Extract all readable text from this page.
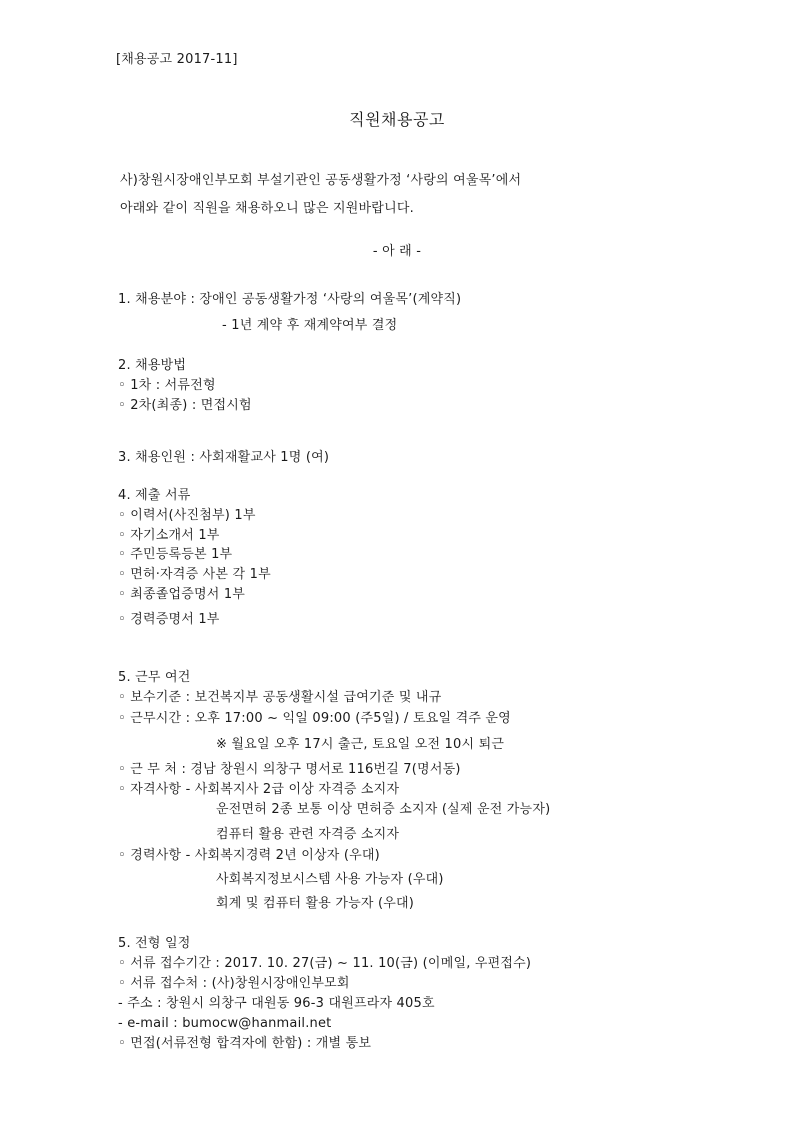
[채용공고 2017-11]
직원채용공고
사)창원시장애인부모회 부설기관인 공동생활가정 ‘사랑의 여울목’에서
아래와 같이 직원을 채용하오니 많은 지원바랍니다.
- 아 래 -
1. 채용분야 : 장애인 공동생활가정 ‘사랑의 여울목’(계약직)
- 1년 계약 후 재계약여부 결정
2. 채용방법
◦ 1차 : 서류전형
◦ 2차(최종) : 면접시험
3. 채용인원 : 사회재활교사 1명 (여)
4. 제출 서류
◦ 이력서(사진첨부) 1부
◦ 자기소개서 1부
◦ 주민등록등본 1부
◦ 면허·자격증 사본 각 1부
◦ 최종졸업증명서 1부
◦ 경력증명서 1부
5. 근무 여건
◦ 보수기준 : 보건복지부 공동생활시설 급여기준 및 내규
◦ 근무시간 : 오후 17:00 ~ 익일 09:00 (주5일) / 토요일 격주 운영
※ 월요일 오후 17시 출근, 토요일 오전 10시 퇴근
◦ 근 무 처 : 경남 창원시 의창구 명서로 116번길 7(명서동)
◦ 자격사항 - 사회복지사 2급 이상 자격증 소지자
운전면허 2종 보통 이상 면허증 소지자 (실제 운전 가능자)
컴퓨터 활용 관련 자격증 소지자
◦ 경력사항 - 사회복지경력 2년 이상자 (우대)
사회복지정보시스템 사용 가능자 (우대)
회계 및 컴퓨터 활용 가능자 (우대)
5. 전형 일정
◦ 서류 접수기간 : 2017. 10. 27(금) ~ 11. 10(금) (이메일, 우편접수)
◦ 서류 접수처 : (사)창원시장애인부모회
- 주소 : 창원시 의창구 대원동 96-3 대원프라자 405호
- e-mail : bumocw@hanmail.net
◦ 면접(서류전형 합격자에 한함) : 개별 통보
